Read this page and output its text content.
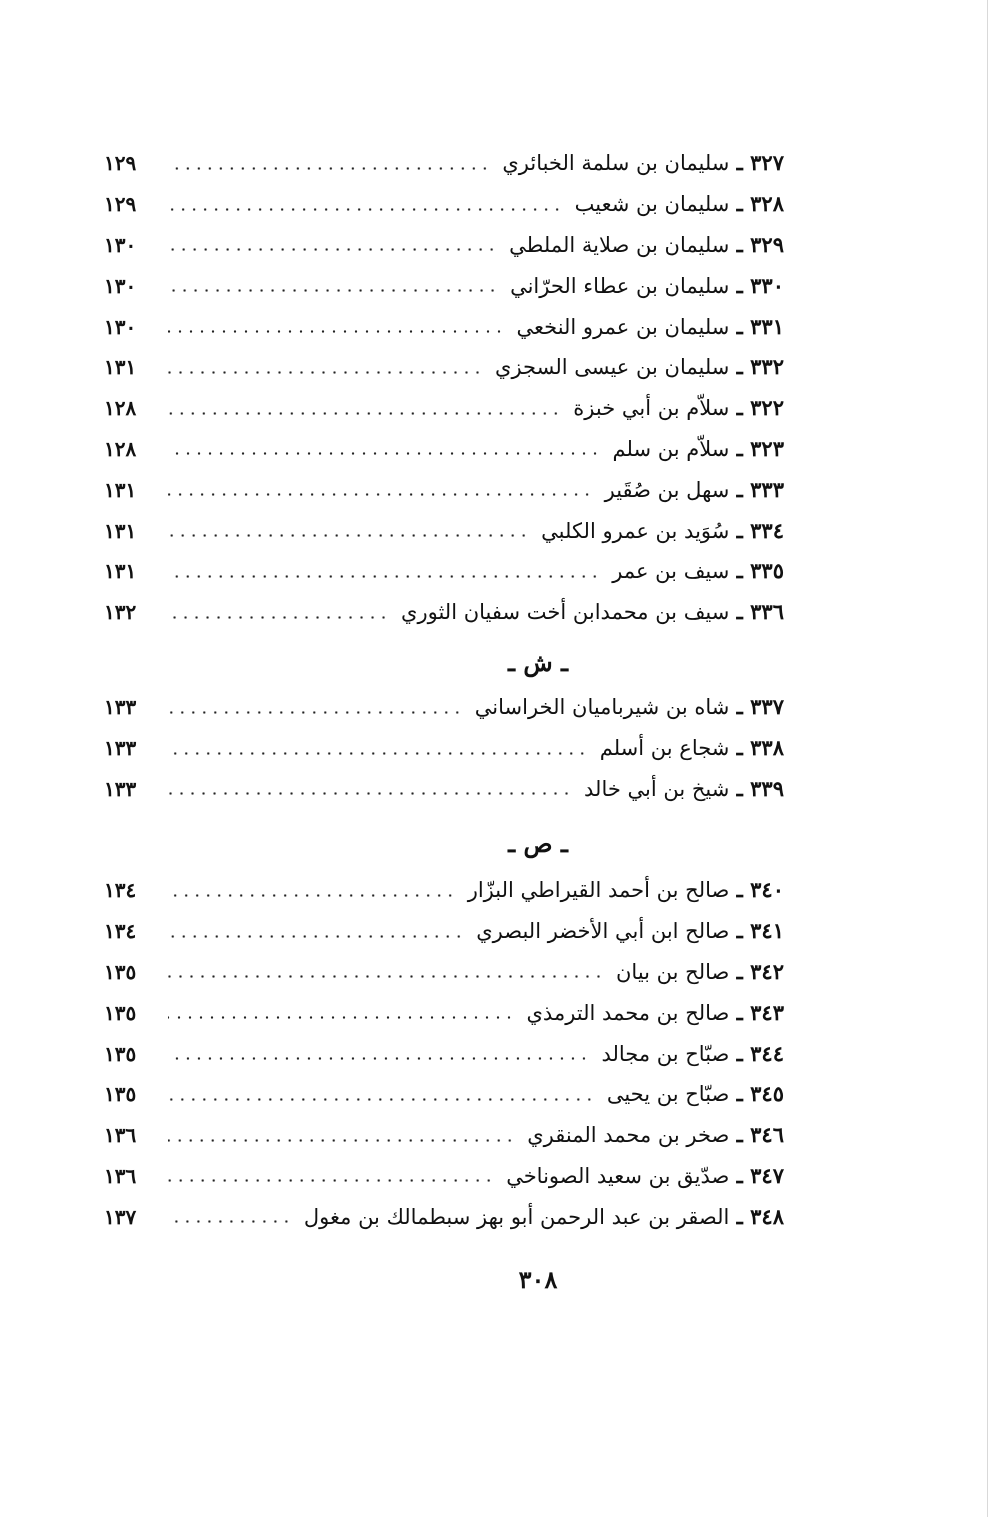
٣٢٧ ـ سليمان بن سلمة الخبائري
١٢٩
٣٢٨ ـ سليمان بن شعيب
١٢٩
٣٢٩ ـ سليمان بن صلاية الملطي
١٣٠
٣٣٠ ـ سليمان بن عطاء الحرّاني
١٣٠
٣٣١ ـ سليمان بن عمرو النخعي
١٣٠
٣٣٢ ـ سليمان بن عيسى السجزي
١٣١
٣٢٢ ـ سلاّم بن أبي خبزة
١٢٨
٣٢٣ ـ سلاّم بن سلم
١٢٨
٣٣٣ ـ سهل بن صُقَير
١٣١
٣٣٤ ـ سُوَيد بن عمرو الكلبي
١٣١
٣٣٥ ـ سيف بن عمر
١٣١
٣٣٦ ـ سيف بن محمدابن أخت سفيان الثوري
١٣٢
ـ ش ـ
٣٣٧ ـ شاه بن شيرباميان الخراساني
١٣٣
٣٣٨ ـ شجاع بن أسلم
١٣٣
٣٣٩ ـ شيخ بن أبي خالد
١٣٣
ـ ص ـ
٣٤٠ ـ صالح بن أحمد القيراطي البزّار
١٣٤
٣٤١ ـ صالح ابن أبي الأخضر البصري
١٣٤
٣٤٢ ـ صالح بن بيان
١٣٥
٣٤٣ ـ صالح بن محمد الترمذي
١٣٥
٣٤٤ ـ صبّاح بن مجالد
١٣٥
٣٤٥ ـ صبّاح بن يحيى
١٣٥
٣٤٦ ـ صخر بن محمد المنقري
١٣٦
٣٤٧ ـ صدّيق بن سعيد الصوناخي
١٣٦
٣٤٨ ـ الصقر بن عبد الرحمن أبو بهز سبطمالك بن مغول
١٣٧
٣٠٨
